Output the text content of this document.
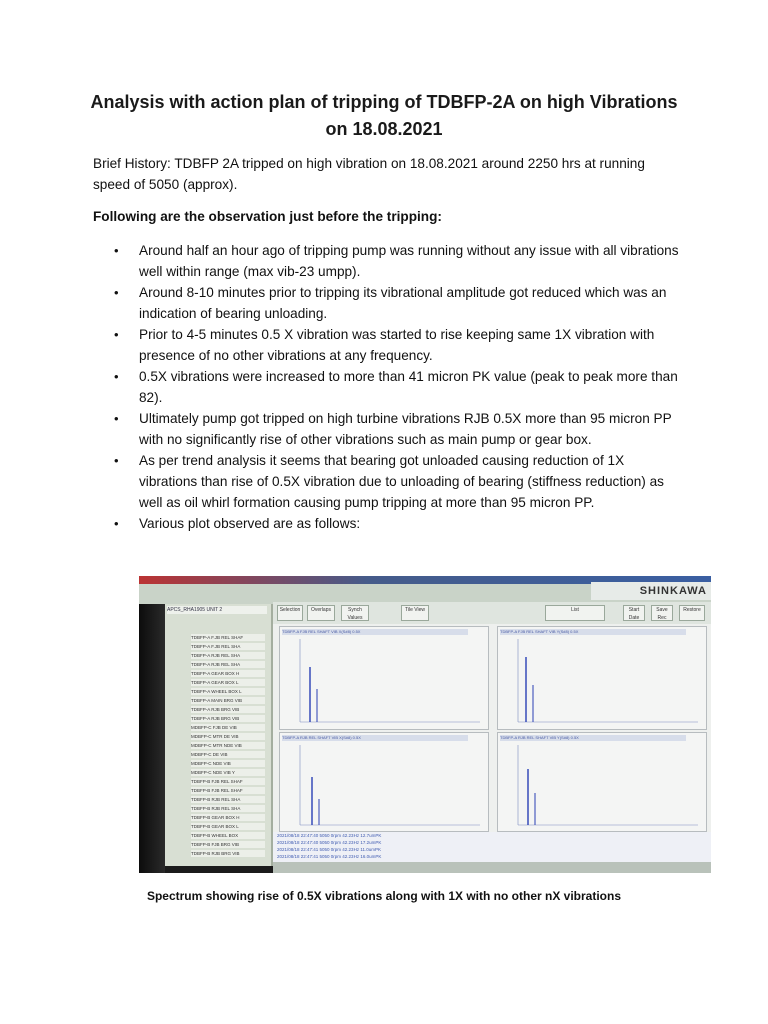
Analysis with action plan of tripping of TDBFP-2A on high Vibrations on 18.08.2021
Brief History: TDBFP 2A tripped on high vibration on 18.08.2021 around 2250 hrs at running speed of 5050 (approx).
Following are the observation just before the tripping:
• Around half an hour ago of tripping pump was running without any issue with all vibrations well within range (max vib-23 umpp).
• Around 8-10 minutes prior to tripping its vibrational amplitude got reduced which was an indication of bearing unloading.
• Prior to 4-5 minutes 0.5 X vibration was started to rise keeping same 1X vibration with presence of no other vibrations at any frequency.
• 0.5X vibrations were increased to more than 41 micron PK value (peak to peak more than 82).
• Ultimately pump got tripped on high turbine vibrations RJB 0.5X more than 95 micron PP with no significantly rise of other vibrations such as main pump or gear box.
• As per trend analysis it seems that bearing got unloaded causing reduction of 1X vibrations than rise of 0.5X vibration due to unloading of bearing (stiffness reduction) as well as oil whirl formation causing pump tripping at more than 95 micron PP.
• Various plot observed are as follows:
SHINKAWA
Selection	Overlaps	Synch Values
Tile View	List	Start Date
Save Rec
Restore
APCS_RHA1905 UNIT 2
TDBFP-A F.JB REL SHAF
TDBFP-A F.JB REL SHA
TDBFP-A RJB REL SHA
TDBFP-A RJB REL SHA
TDBFP-A GEAR BOX H
TDBFP-A GEAR BOX L
TDBFP-A WHEEL BOX L
TDBFP-A MAIN BRG VIB
TDBFP-A RJB BRG VIB
TDBFP-A RJB BRG VIB
MDBFP-C FJB DE VIB
MDBFP-C MTR DE VIB
MDBFP-C MTR NDE VIB
MDBFP-C DE VIB
MDBFP-C NDE VIB
MDBFP-C NDE VIB Y
TDBFP-B FJB REL SHAF
TDBFP-B FJB REL SHAF
TDBFP-B RJB REL SHA
TDBFP-B RJB REL SHA
TDBFP-B GEAR BOX H
TDBFP-B GEAR BOX L
TDBFP-B WHEEL BOX
TDBFP-B FJB BRG VIB
TDBFP-B RJB BRG VIB
TDBFP-A FJB REL SHAFT VIB X(S#8) 0.5X	TDBFP-A FJB REL SHAFT VIB Y(S#8) 0.5X
TDBFP-A RJB REL SHAFT VIB X(S#8) 0.5X	TDBFP-A RJB REL SHAFT VIB Y(S#8) 0.5X
2021/08/18 22:47:40 5050 0rpm 42.23Hz 12.7umPK
2021/08/18 22:47:40 5050 0rpm 42.23Hz 17.2umPK
2021/08/18 22:47:41 5050 0rpm 42.23Hz 11.0umPK
2021/08/18 22:47:41 5050 0rpm 42.23Hz 16.0umPK
Spectrum showing rise of 0.5X vibrations along with 1X with no other nX vibrations
